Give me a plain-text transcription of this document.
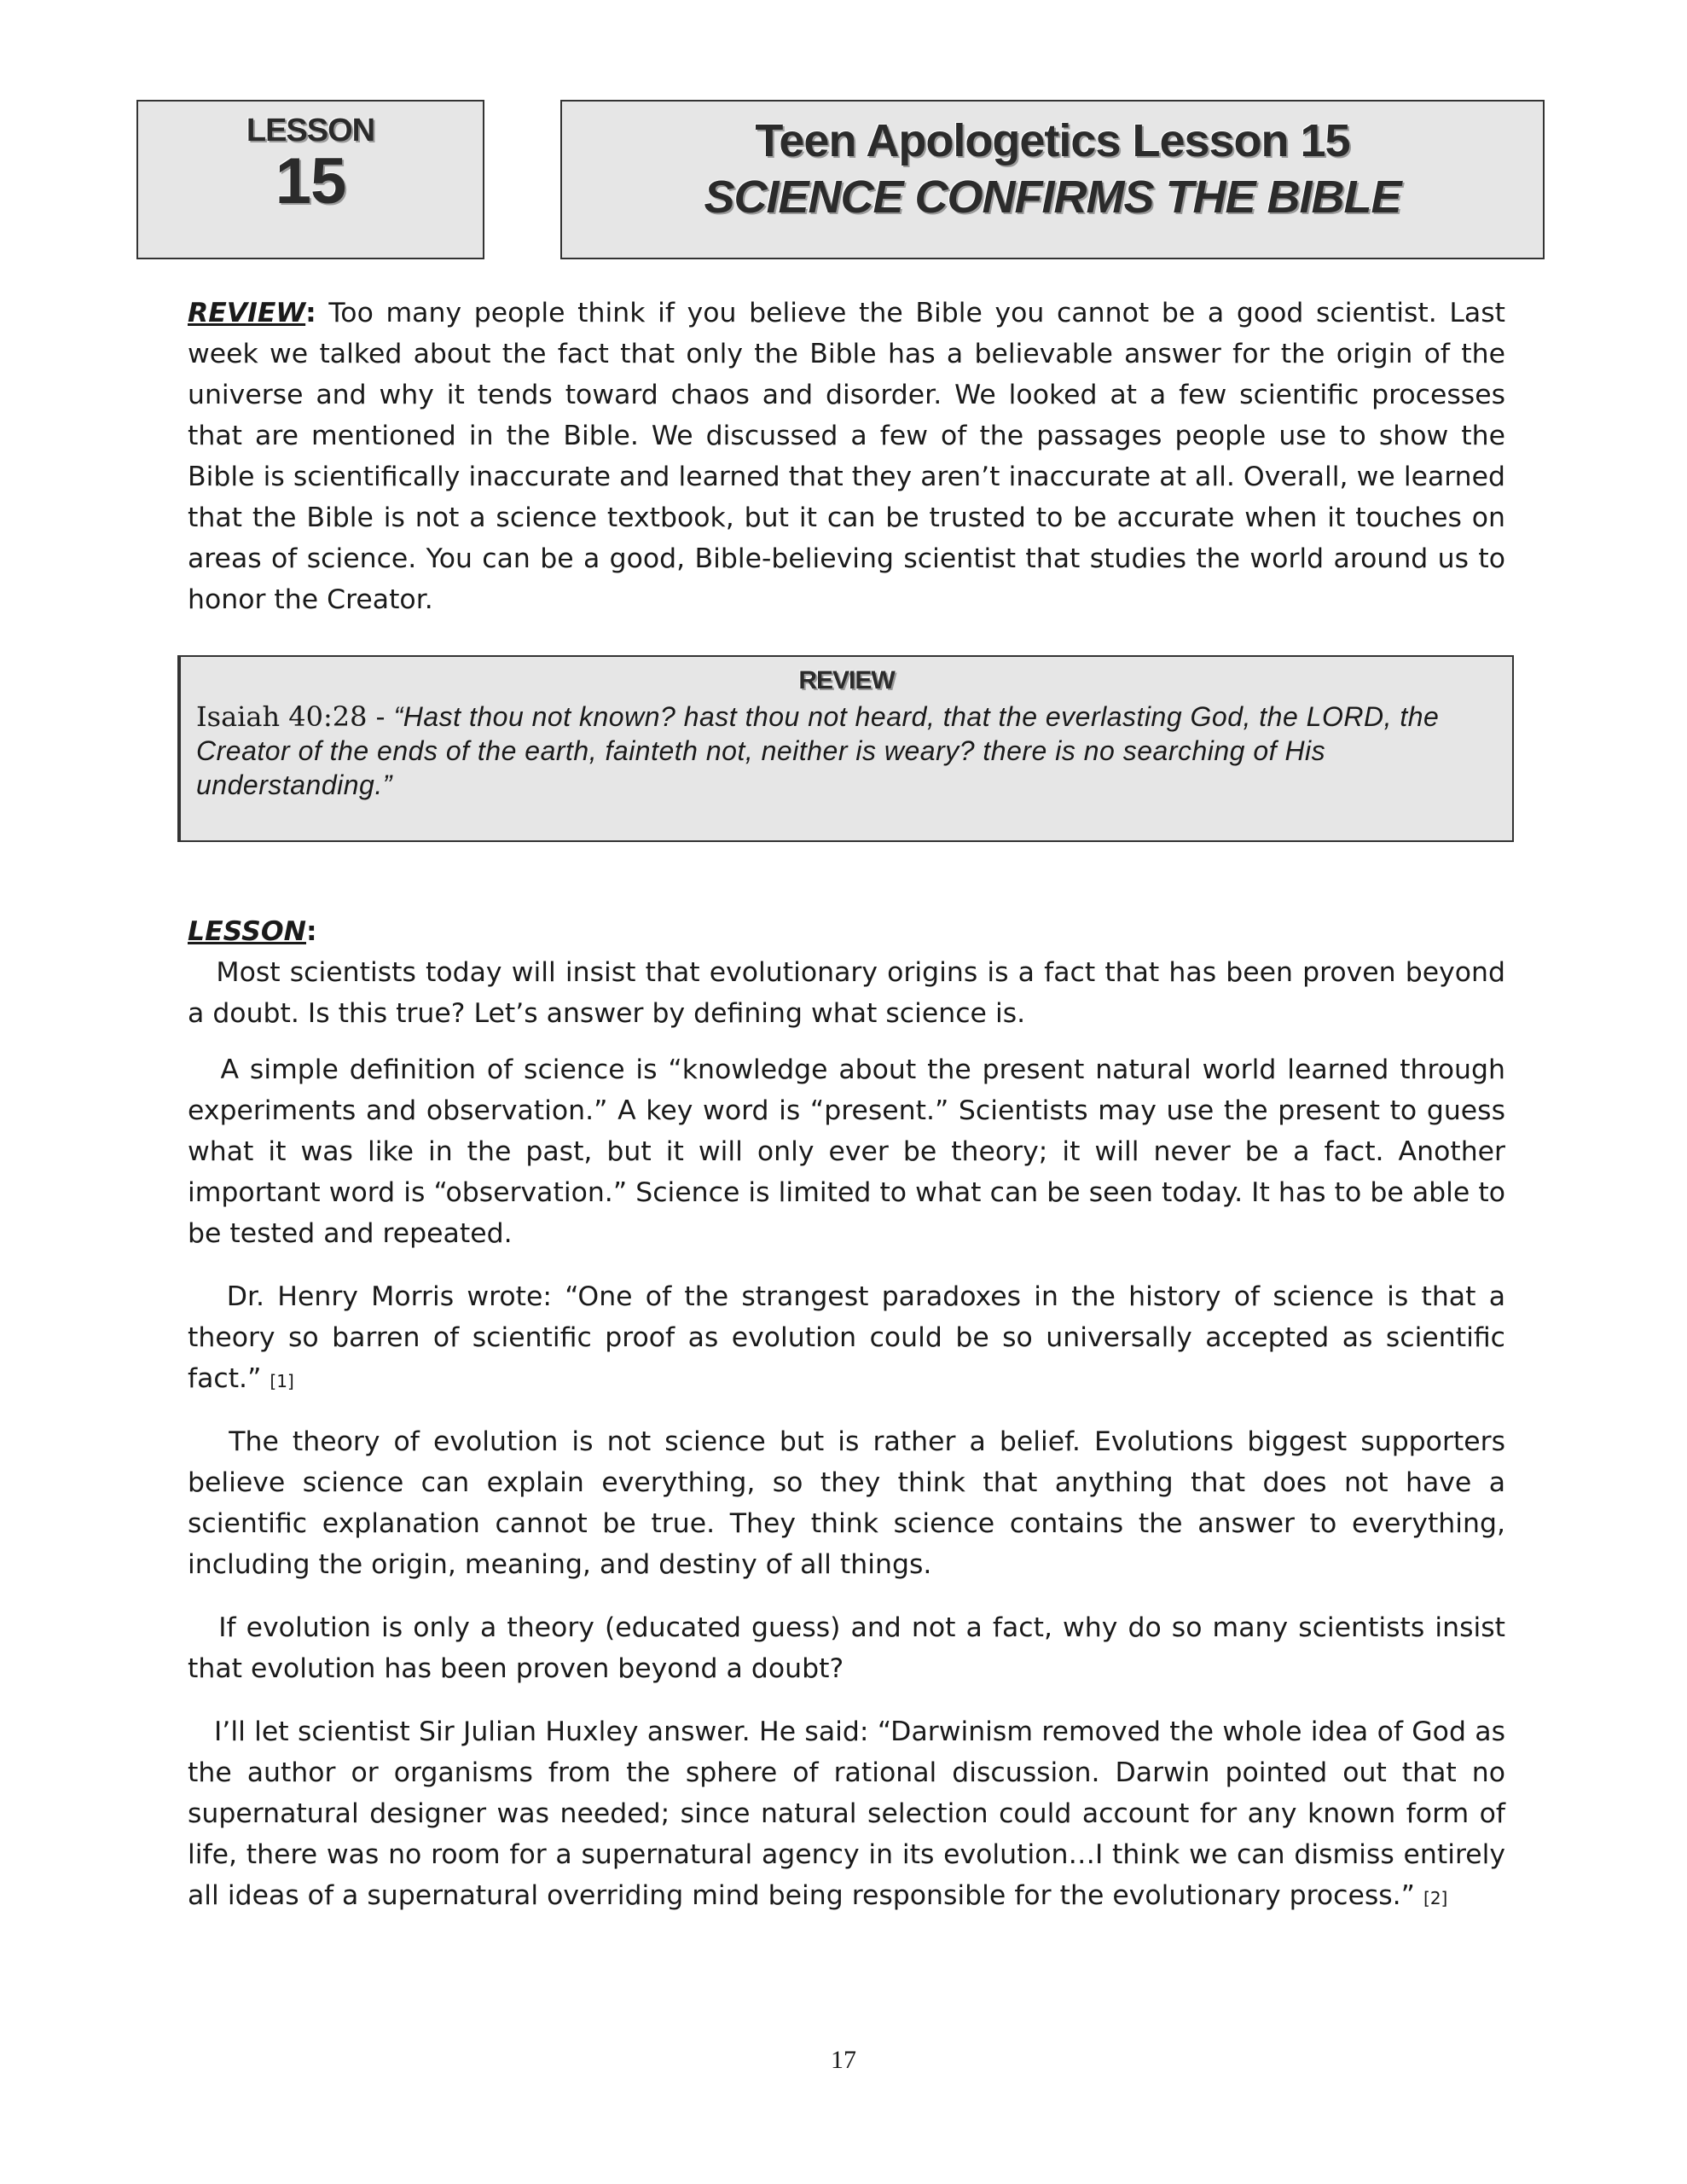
LESSON
15
Teen Apologetics Lesson 15
SCIENCE CONFIRMS THE BIBLE

REVIEW: Too many people think if you believe the Bible you cannot be a good scientist. Last week we talked about the fact that only the Bible has a believable answer for the origin of the universe and why it tends toward chaos and disorder. We looked at a few scientific processes that are mentioned in the Bible. We discussed a few of the passages people use to show the Bible is scientifically inaccurate and learned that they aren’t inaccurate at all. Overall, we learned that the Bible is not a science textbook, but it can be trusted to be accurate when it touches on areas of science. You can be a good, Bible-believing scientist that studies the world around us to honor the Creator.

REVIEW

Isaiah 40:28 - “Hast thou not known? hast thou not heard, that the everlasting God, the LORD, the Creator of the ends of the earth, fainteth not, neither is weary? there is no searching of His understanding.”

LESSON:
Most scientists today will insist that evolutionary origins is a fact that has been proven beyond a doubt. Is this true? Let’s answer by defining what science is.

A simple definition of science is “knowledge about the present natural world learned through experiments and observation.” A key word is “present.” Scientists may use the present to guess what it was like in the past, but it will only ever be theory; it will never be a fact. Another important word is “observation.” Science is limited to what can be seen today. It has to be able to be tested and repeated.

Dr. Henry Morris wrote: “One of the strangest paradoxes in the history of science is that a theory so barren of scientific proof as evolution could be so universally accepted as scientific fact.” [1]

The theory of evolution is not science but is rather a belief. Evolutions biggest supporters believe science can explain everything, so they think that anything that does not have a scientific explanation cannot be true. They think science contains the answer to everything, including the origin, meaning, and destiny of all things.

If evolution is only a theory (educated guess) and not a fact, why do so many scientists insist that evolution has been proven beyond a doubt?

I’ll let scientist Sir Julian Huxley answer. He said: “Darwinism removed the whole idea of God as the author or organisms from the sphere of rational discussion. Darwin pointed out that no supernatural designer was needed; since natural selection could account for any known form of life, there was no room for a supernatural agency in its evolution…I think we can dismiss entirely all ideas of a supernatural overriding mind being responsible for the evolutionary process.” [2]

17
